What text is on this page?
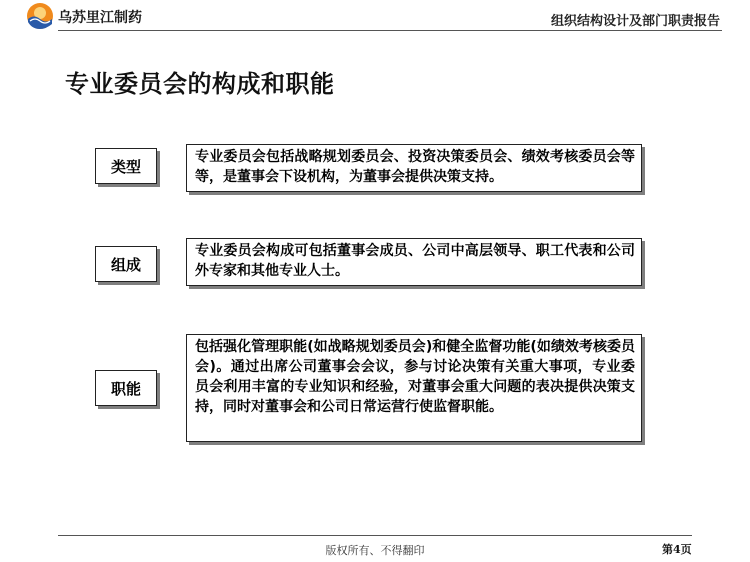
乌苏里江制药	组织结构设计及部门职责报告
专业委员会的构成和职能
类型
专业委员会包括战略规划委员会、投资决策委员会、绩效考核委员会等等，是董事会下设机构，为董事会提供决策支持。
组成
专业委员会构成可包括董事会成员、公司中高层领导、职工代表和公司外专家和其他专业人士。
职能
包括强化管理职能(如战略规划委员会)和健全监督功能(如绩效考核委员会)。通过出席公司董事会会议，参与讨论决策有关重大事项，专业委员会利用丰富的专业知识和经验，对董事会重大问题的表决提供决策支持，同时对董事会和公司日常运营行使监督职能。
版权所有、不得翻印	第4页
